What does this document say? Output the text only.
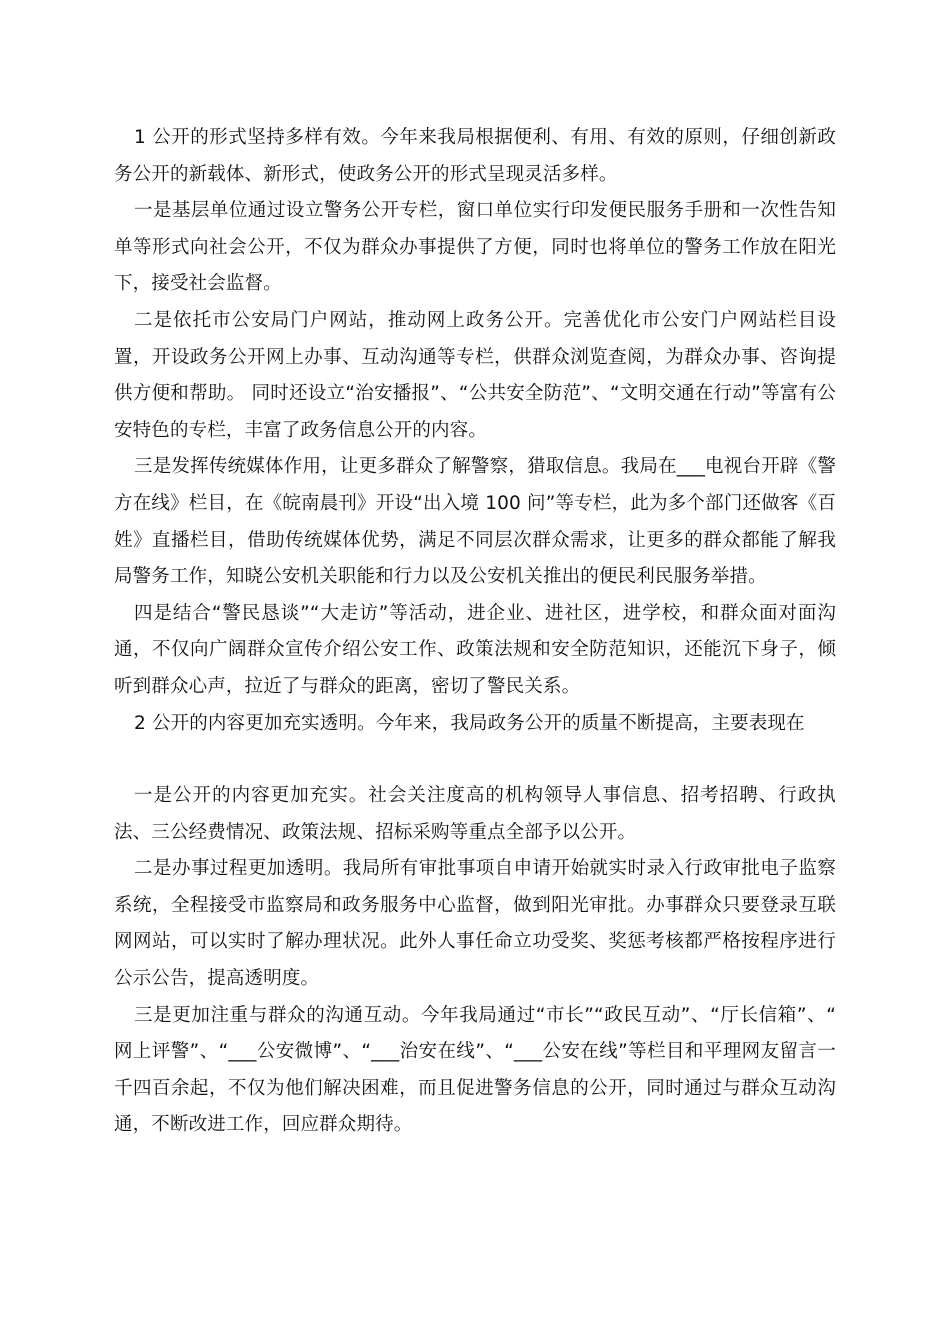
1 公开的形式坚持多样有效。今年来我局根据便利、有用、有效的原则，仔细创新政务公开的新载体、新形式，使政务公开的形式呈现灵活多样。

一是基层单位通过设立警务公开专栏，窗口单位实行印发便民服务手册和一次性告知单等形式向社会公开，不仅为群众办事提供了方便，同时也将单位的警务工作放在阳光下，接受社会监督。

二是依托市公安局门户网站，推动网上政务公开。完善优化市公安门户网站栏目设置，开设政务公开网上办事、互动沟通等专栏，供群众浏览查阅，为群众办事、咨询提供方便和帮助。 同时还设立“治安播报”、“公共安全防范”、“文明交通在行动”等富有公安特色的专栏，丰富了政务信息公开的内容。

三是发挥传统媒体作用，让更多群众了解警察，猎取信息。我局在___电视台开辟《警方在线》栏目，在《皖南晨刊》开设“出入境 100 问”等专栏，此为多个部门还做客《百姓》直播栏目，借助传统媒体优势，满足不同层次群众需求，让更多的群众都能了解我局警务工作，知晓公安机关职能和行力以及公安机关推出的便民利民服务举措。

四是结合“警民恳谈”“大走访”等活动，进企业、进社区，进学校，和群众面对面沟通，不仅向广阔群众宣传介绍公安工作、政策法规和安全防范知识，还能沉下身子，倾听到群众心声，拉近了与群众的距离，密切了警民关系。

2 公开的内容更加充实透明。今年来，我局政务公开的质量不断提高，主要表现在

一是公开的内容更加充实。社会关注度高的机构领导人事信息、招考招聘、行政执法、三公经费情况、政策法规、招标采购等重点全部予以公开。

二是办事过程更加透明。我局所有审批事项自申请开始就实时录入行政审批电子监察系统，全程接受市监察局和政务服务中心监督，做到阳光审批。办事群众只要登录互联网网站，可以实时了解办理状况。此外人事任命立功受奖、奖惩考核都严格按程序进行公示公告，提高透明度。

三是更加注重与群众的沟通互动。今年我局通过“市长”“政民互动”、“厅长信箱”、“ 网上评警”、“___公安微博”、“___治安在线”、“___公安在线”等栏目和平理网友留言一千四百余起，不仅为他们解决困难，而且促进警务信息的公开，同时通过与群众互动沟通，不断改进工作，回应群众期待。
